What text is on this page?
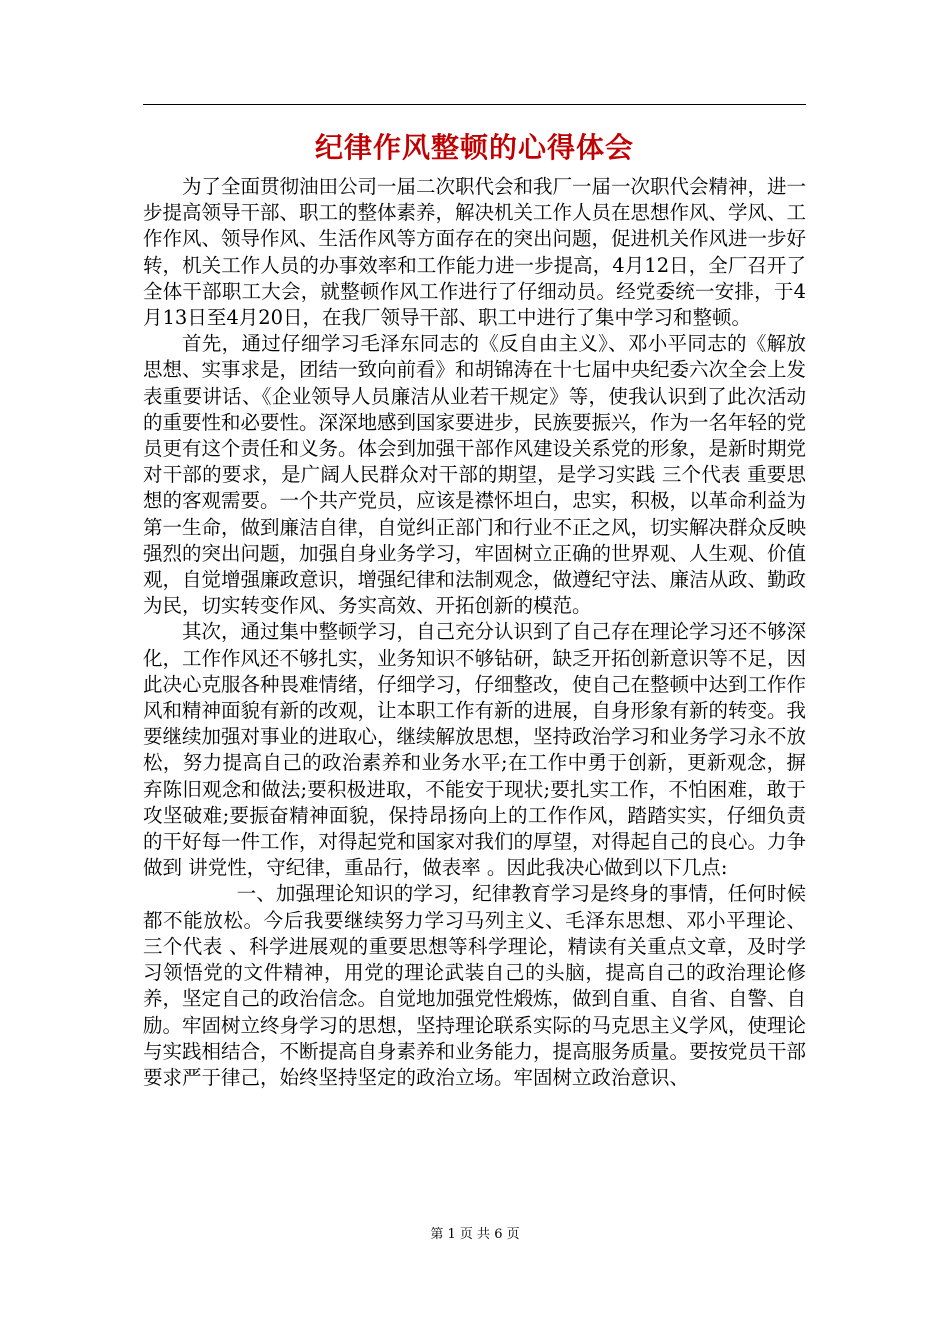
纪律作风整顿的心得体会

为了全面贯彻油田公司一届二次职代会和我厂一届一次职代会精神，进一步提高领导干部、职工的整体素养，解决机关工作人员在思想作风、学风、工作作风、领导作风、生活作风等方面存在的突出问题，促进机关作风进一步好转，机关工作人员的办事效率和工作能力进一步提高，4月12日，全厂召开了全体干部职工大会，就整顿作风工作进行了仔细动员。经党委统一安排，于4月13日至4月20日，在我厂领导干部、职工中进行了集中学习和整顿。

首先，通过仔细学习毛泽东同志的《反自由主义》、邓小平同志的《解放思想、实事求是，团结一致向前看》和胡锦涛在十七届中央纪委六次全会上发表重要讲话、《企业领导人员廉洁从业若干规定》等，使我认识到了此次活动的重要性和必要性。深深地感到国家要进步，民族要振兴，作为一名年轻的党员更有这个责任和义务。体会到加强干部作风建设关系党的形象，是新时期党对干部的要求，是广阔人民群众对干部的期望，是学习实践 三个代表 重要思想的客观需要。一个共产党员，应该是襟怀坦白，忠实，积极，以革命利益为第一生命，做到廉洁自律，自觉纠正部门和行业不正之风，切实解决群众反映强烈的突出问题，加强自身业务学习，牢固树立正确的世界观、人生观、价值观，自觉增强廉政意识，增强纪律和法制观念，做遵纪守法、廉洁从政、勤政为民，切实转变作风、务实高效、开拓创新的模范。

其次，通过集中整顿学习，自己充分认识到了自己存在理论学习还不够深化，工作作风还不够扎实，业务知识不够钻研，缺乏开拓创新意识等不足，因此决心克服各种畏难情绪，仔细学习，仔细整改，使自己在整顿中达到工作作风和精神面貌有新的改观，让本职工作有新的进展，自身形象有新的转变。我要继续加强对事业的进取心，继续解放思想，坚持政治学习和业务学习永不放松，努力提高自己的政治素养和业务水平;在工作中勇于创新，更新观念，摒弃陈旧观念和做法;要积极进取，不能安于现状;要扎实工作，不怕困难，敢于攻坚破难;要振奋精神面貌，保持昂扬向上的工作作风，踏踏实实，仔细负责的干好每一件工作，对得起党和国家对我们的厚望，对得起自己的良心。力争做到 讲党性，守纪律，重品行，做表率 。因此我决心做到以下几点:

一、加强理论知识的学习，纪律教育学习是终身的事情，任何时候都不能放松。今后我要继续努力学习马列主义、毛泽东思想、邓小平理论、 三个代表 、科学进展观的重要思想等科学理论，精读有关重点文章，及时学习领悟党的文件精神，用党的理论武装自己的头脑，提高自己的政治理论修养，坚定自己的政治信念。自觉地加强党性煅炼，做到自重、自省、自警、自励。牢固树立终身学习的思想，坚持理论联系实际的马克思主义学风，使理论与实践相结合，不断提高自身素养和业务能力，提高服务质量。要按党员干部要求严于律己，始终坚持坚定的政治立场。牢固树立政治意识、

第 1 页 共 6 页
